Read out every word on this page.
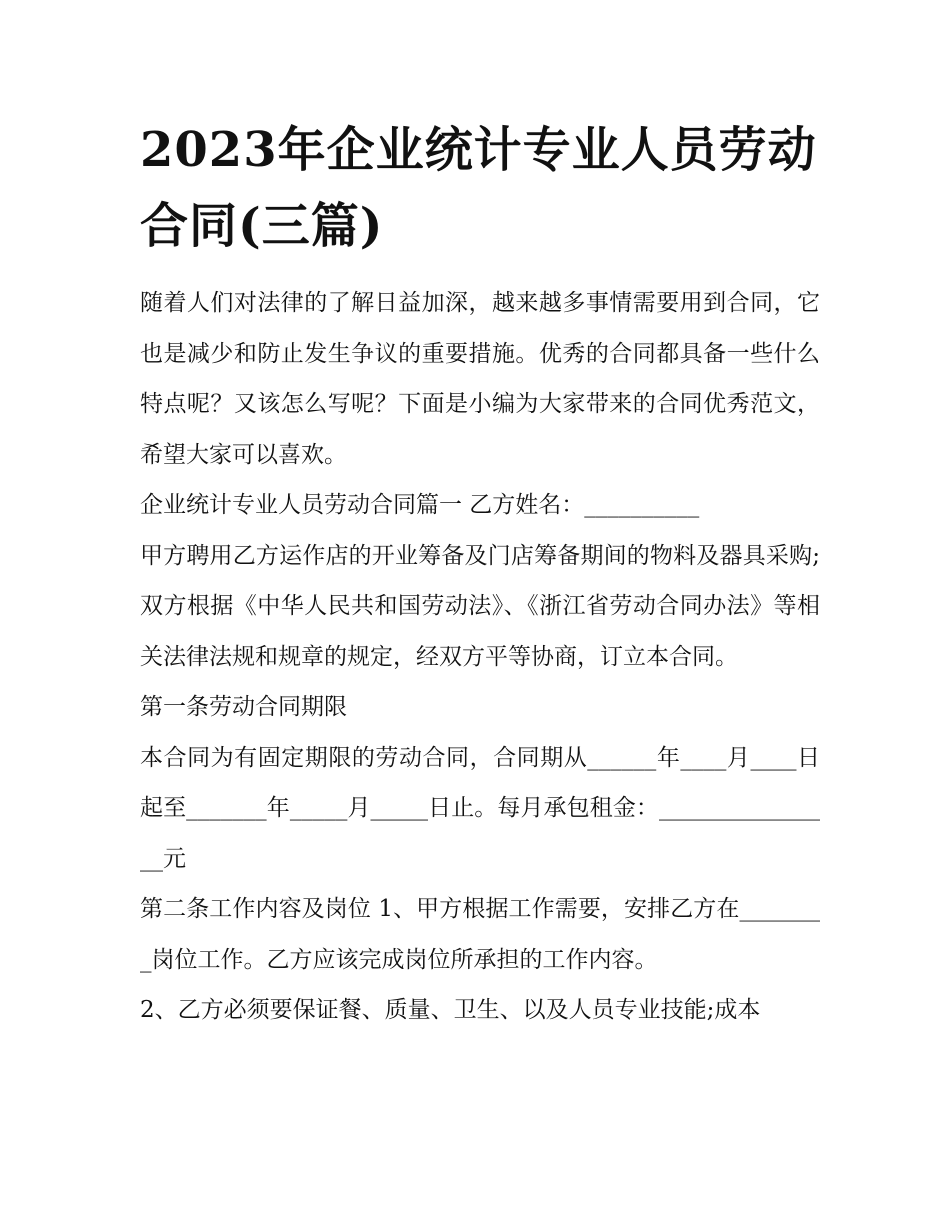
2023年企业统计专业人员劳动合同(三篇)

随着人们对法律的了解日益加深，越来越多事情需要用到合同，它也是减少和防止发生争议的重要措施。优秀的合同都具备一些什么特点呢？又该怎么写呢？下面是小编为大家带来的合同优秀范文，希望大家可以喜欢。

企业统计专业人员劳动合同篇一 乙方姓名：__________

甲方聘用乙方运作店的开业筹备及门店筹备期间的物料及器具采购;双方根据《中华人民共和国劳动法》、《浙江省劳动合同办法》等相关法律法规和规章的规定，经双方平等协商，订立本合同。

第一条劳动合同期限

本合同为有固定期限的劳动合同，合同期从______年____月____日起至_______年_____月_____日止。每月承包租金：________________元

第二条工作内容及岗位 1、甲方根据工作需要，安排乙方在________岗位工作。乙方应该完成岗位所承担的工作内容。

2、乙方必须要保证餐、质量、卫生、以及人员专业技能;成本
